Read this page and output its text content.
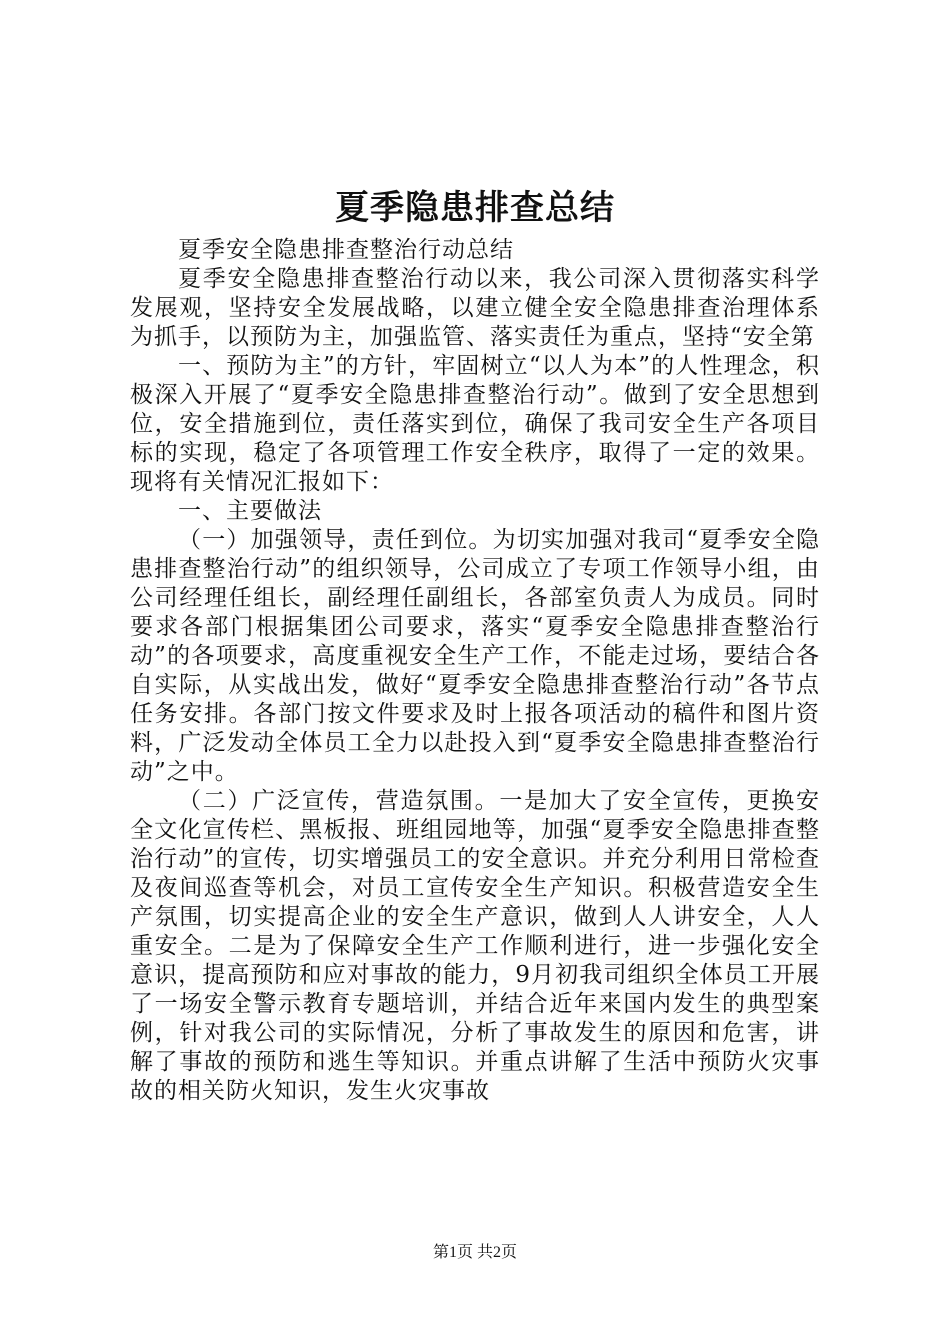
夏季隐患排查总结

夏季安全隐患排查整治行动总结

夏季安全隐患排查整治行动以来，我公司深入贯彻落实科学发展观，坚持安全发展战略，以建立健全安全隐患排查治理体系为抓手，以预防为主，加强监管、落实责任为重点，坚持“安全第

一、预防为主”的方针，牢固树立“以人为本”的人性理念，积极深入开展了“夏季安全隐患排查整治行动”。做到了安全思想到位，安全措施到位，责任落实到位，确保了我司安全生产各项目标的实现，稳定了各项管理工作安全秩序，取得了一定的效果。现将有关情况汇报如下：

一、主要做法

（一）加强领导，责任到位。为切实加强对我司“夏季安全隐患排查整治行动”的组织领导，公司成立了专项工作领导小组，由公司经理任组长，副经理任副组长，各部室负责人为成员。同时要求各部门根据集团公司要求，落实“夏季安全隐患排查整治行动”的各项要求，高度重视安全生产工作，不能走过场，要结合各自实际，从实战出发，做好“夏季安全隐患排查整治行动”各节点任务安排。各部门按文件要求及时上报各项活动的稿件和图片资料，广泛发动全体员工全力以赴投入到“夏季安全隐患排查整治行动”之中。

（二）广泛宣传，营造氛围。一是加大了安全宣传，更换安全文化宣传栏、黑板报、班组园地等，加强“夏季安全隐患排查整治行动”的宣传，切实增强员工的安全意识。并充分利用日常检查及夜间巡查等机会，对员工宣传安全生产知识。积极营造安全生产氛围，切实提高企业的安全生产意识，做到人人讲安全，人人重安全。二是为了保障安全生产工作顺利进行，进一步强化安全意识，提高预防和应对事故的能力，9月初我司组织全体员工开展了一场安全警示教育专题培训，并结合近年来国内发生的典型案例，针对我公司的实际情况，分析了事故发生的原因和危害，讲解了事故的预防和逃生等知识。并重点讲解了生活中预防火灾事故的相关防火知识，发生火灾事故

第1页 共2页
